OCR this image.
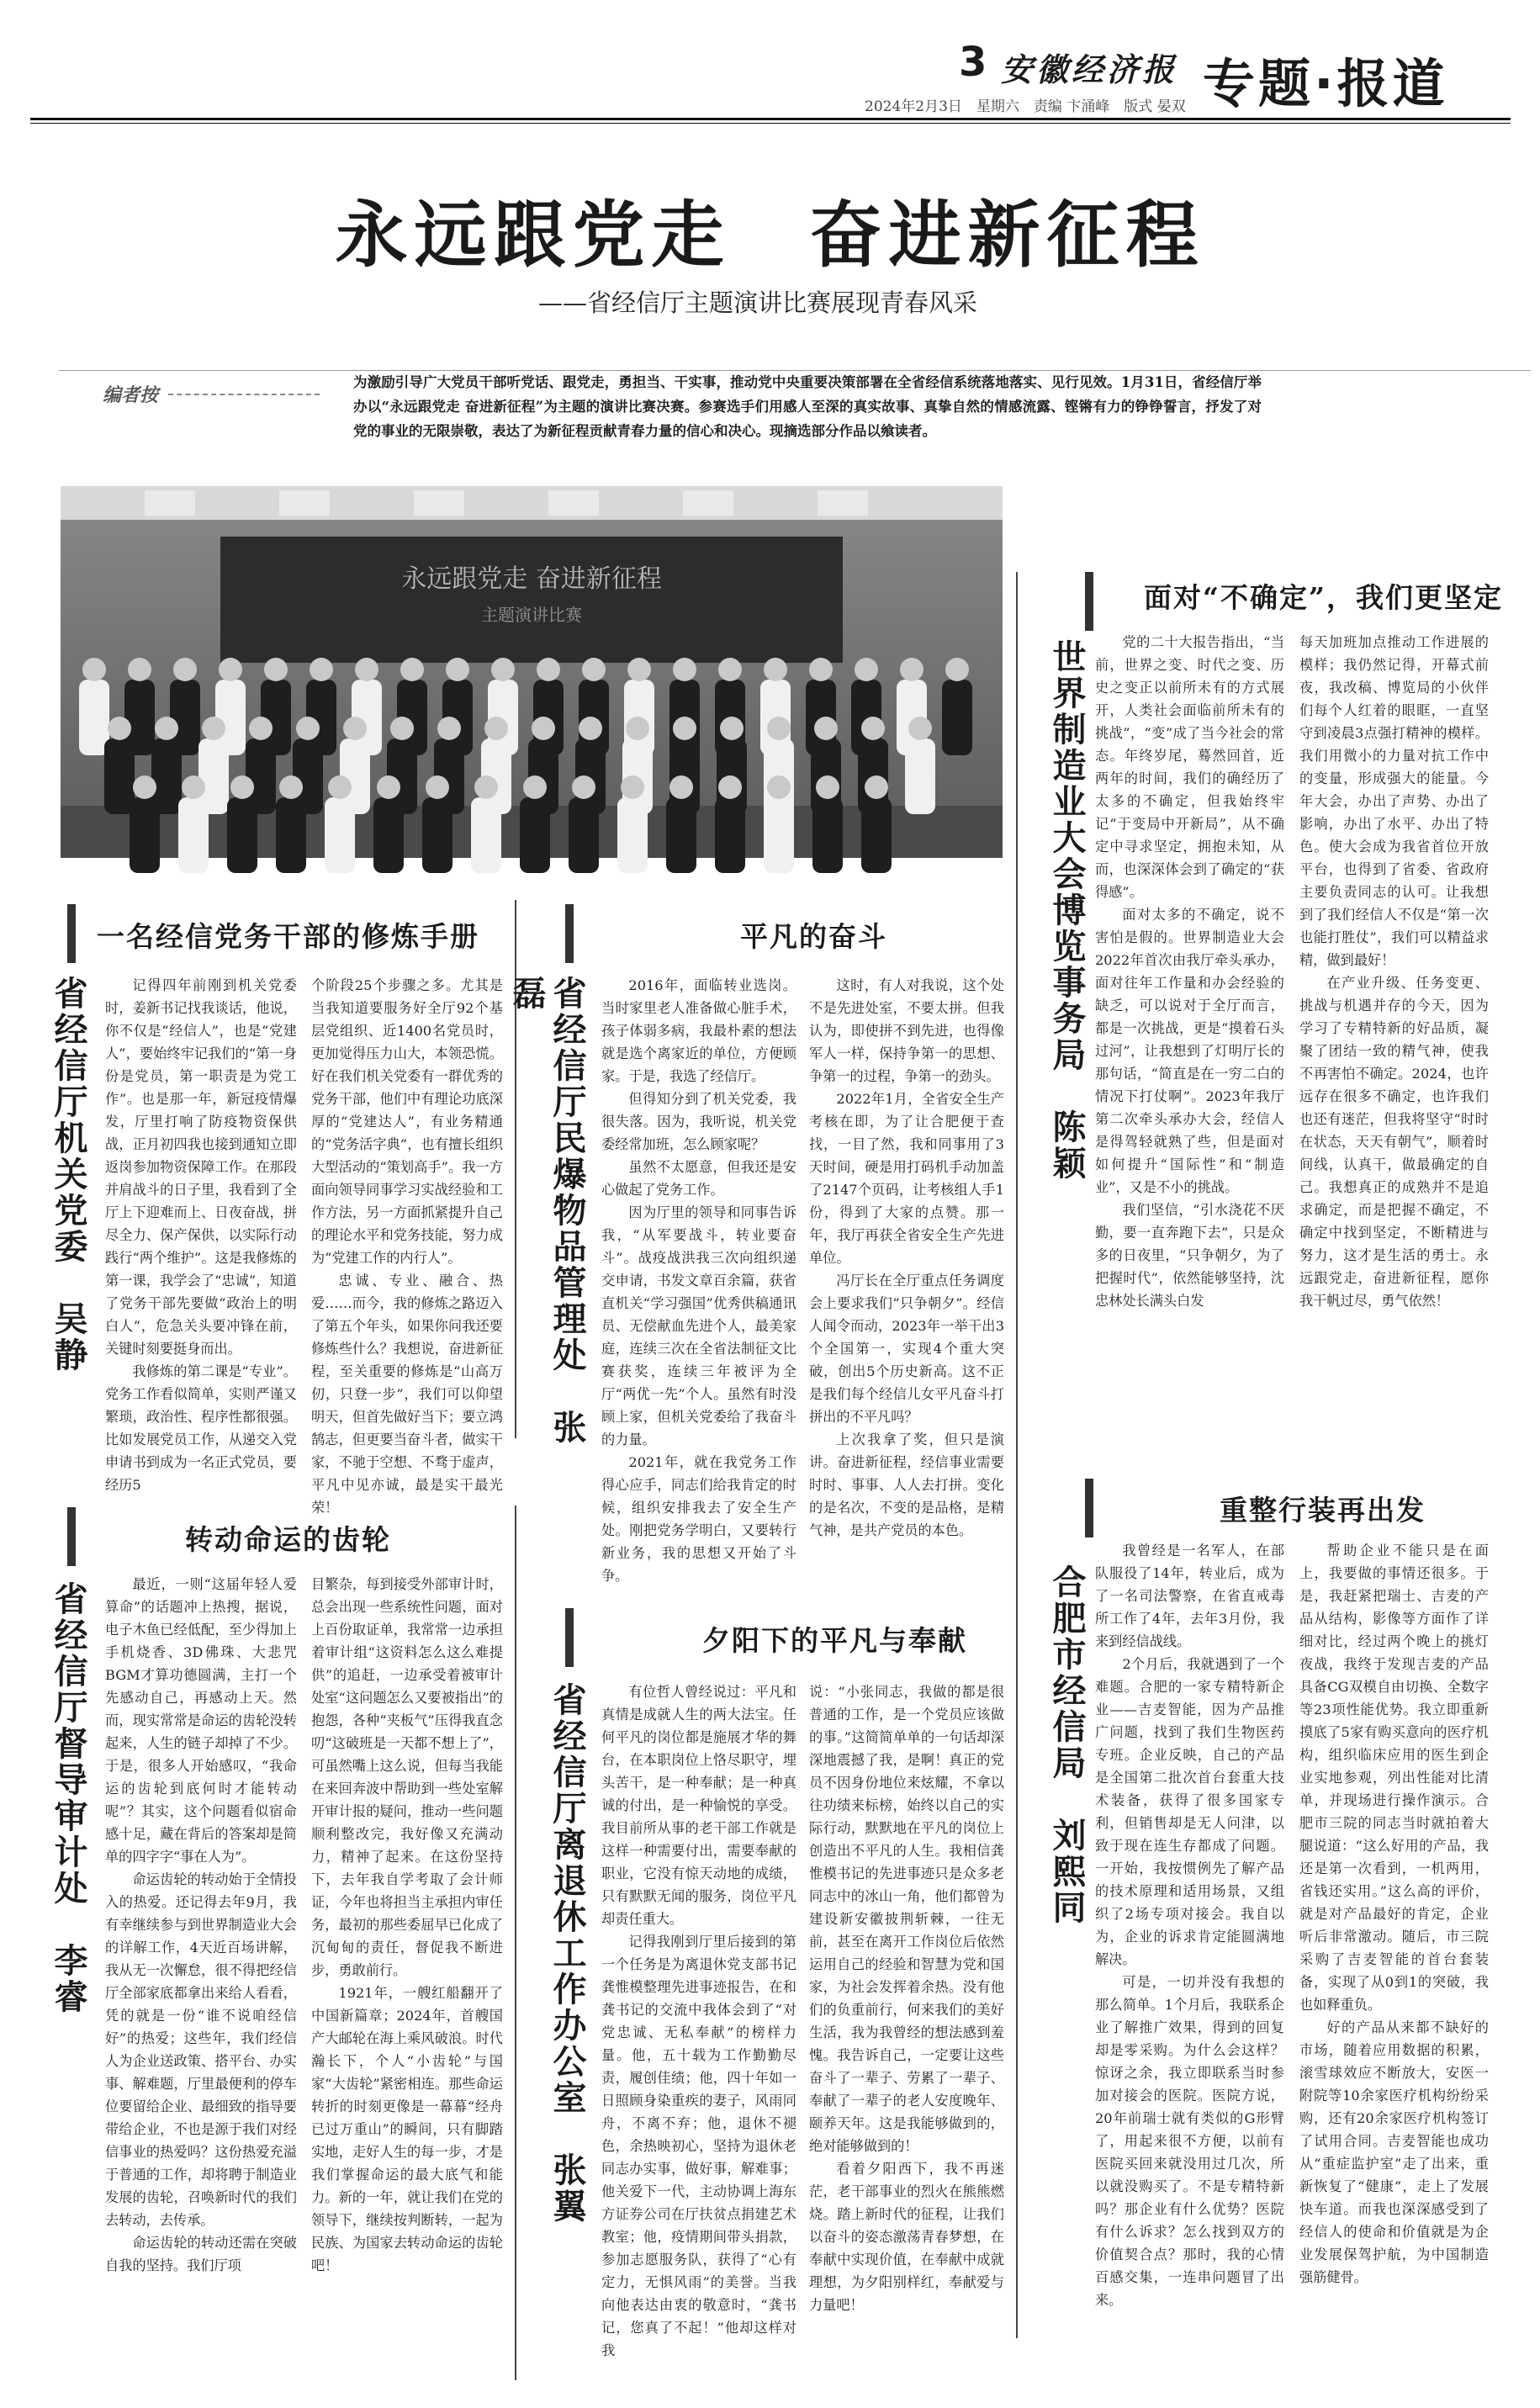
3 安徽经济报
2024年2月3日　星期六　责编 卞涌峰　版式 晏双 专题·报道
永远跟党走　奋进新征程
——省经信厅主题演讲比赛展现青春风采
编者按
为激励引导广大党员干部听党话、跟党走，勇担当、干实事，推动党中央重要决策部署在全省经信系统落地落实、见行见效。1月31日，省经信厅举办以“永远跟党走 奋进新征程”为主题的演讲比赛决赛。参赛选手们用感人至深的真实故事、真挚自然的情感流露、铿锵有力的铮铮誓言，抒发了对党的事业的无限崇敬，表达了为新征程贡献青春力量的信心和决心。现摘选部分作品以飨读者。
永远跟党走 奋进新征程
主题演讲比赛
一名经信党务干部的修炼手册
省经信厅机关党委　吴静	记得四年前刚到机关党委时，姜新书记找我谈话，他说，你不仅是“经信人”，也是“党建人”，要始终牢记我们的“第一身份是党员，第一职责是为党工作”。也是那一年，新冠疫情爆发，厅里打响了防疫物资保供战，正月初四我也接到通知立即返岗参加物资保障工作。在那段并肩战斗的日子里，我看到了全厅上下迎难而上、日夜奋战，拼尽全力、保产保供，以实际行动践行“两个维护”。这是我修炼的第一课，我学会了“忠诚”，知道了党务干部先要做“政治上的明白人”，危急关头要冲锋在前，关键时刻要挺身而出。

我修炼的第二课是“专业”。党务工作看似简单，实则严谨又繁琐，政治性、程序性都很强。比如发展党员工作，从递交入党申请书到成为一名正式党员，要经历5

个阶段25个步骤之多。尤其是当我知道要服务好全厅92个基层党组织、近1400名党员时，更加觉得压力山大，本领恐慌。好在我们机关党委有一群优秀的党务干部，他们中有理论功底深厚的“党建达人”，有业务精通的“党务活字典”，也有擅长组织大型活动的“策划高手”。我一方面向领导同事学习实战经验和工作方法，另一方面抓紧提升自己的理论水平和党务技能，努力成为“党建工作的内行人”。

忠诚、专业、融合、热爱……而今，我的修炼之路迈入了第五个年头，如果你问我还要修炼些什么？我想说，奋进新征程，至关重要的修炼是“山高万仞，只登一步”，我们可以仰望明天，但首先做好当下；要立鸿鹄志，但更要当奋斗者，做实干家，不驰于空想、不骛于虚声，平凡中见亦诚，最是实干最光荣！

平凡的奋斗
省经信厅民爆物品管理处　张磊	2016年，面临转业选岗。当时家里老人准备做心脏手术，孩子体弱多病，我最朴素的想法就是选个离家近的单位，方便顾家。于是，我选了经信厅。

但得知分到了机关党委，我很失落。因为，我听说，机关党委经常加班，怎么顾家呢？

虽然不太愿意，但我还是安心做起了党务工作。

因为厅里的领导和同事告诉我，“从军要战斗，转业要奋斗”。战疫战洪我三次向组织递交申请，书发文章百余篇，获省直机关“学习强国”优秀供稿通讯员、无偿献血先进个人，最美家庭，连续三次在全省法制征文比赛获奖，连续三年被评为全厅“两优一先”个人。虽然有时没顾上家，但机关党委给了我奋斗的力量。

2021年，就在我党务工作得心应手，同志们给我肯定的时候，组织安排我去了安全生产处。刚把党务学明白，又要转行新业务，我的思想又开始了斗争。

这时，有人对我说，这个处不是先进处室，不要太拼。但我认为，即使拼不到先进，也得像军人一样，保持争第一的思想、争第一的过程，争第一的劲头。

2022年1月，全省安全生产考核在即，为了让合肥便于查找，一目了然，我和同事用了3天时间，硬是用打码机手动加盖了2147个页码，让考核组人手1份，得到了大家的点赞。那一年，我厅再获全省安全生产先进单位。

冯厅长在全厅重点任务调度会上要求我们“只争朝夕”。经信人闻令而动，2023年一举干出3个全国第一，实现4个重大突破，创出5个历史新高。这不正是我们每个经信儿女平凡奋斗打拼出的不平凡吗？

上次我拿了奖，但只是演讲。奋进新征程，经信事业需要时时、事事、人人去打拼。变化的是名次，不变的是品格，是精气神，是共产党员的本色。

面对“不确定”，我们更坚定
世界制造业大会博览事务局　陈颖	党的二十大报告指出，“当前，世界之变、时代之变、历史之变正以前所未有的方式展开，人类社会面临前所未有的挑战”，“变”成了当今社会的常态。年终岁尾，蓦然回首，近两年的时间，我们的确经历了太多的不确定，但我始终牢记“于变局中开新局”，从不确定中寻求坚定，拥抱未知，从而，也深深体会到了确定的“获得感”。

面对太多的不确定，说不害怕是假的。世界制造业大会2022年首次由我厅牵头承办，面对往年工作量和办会经验的缺乏，可以说对于全厅而言，都是一次挑战，更是“摸着石头过河”，让我想到了灯明厅长的那句话，“简直是在一穷二白的情况下打仗啊”。2023年我厅第二次牵头承办大会，经信人是得驾轻就熟了些，但是面对如何提升“国际性”和“制造业”，又是不小的挑战。

我们坚信，“引水浇花不厌勤，要一直奔跑下去”，只是众多的日夜里，“只争朝夕，为了把握时代”，依然能够坚持，沈忠林处长满头白发

每天加班加点推动工作进展的模样；我仍然记得，开幕式前夜，我改稿、博览局的小伙伴们每个人红着的眼眶，一直坚守到凌晨3点强打精神的模样。我们用微小的力量对抗工作中的变量，形成强大的能量。今年大会，办出了声势、办出了影响，办出了水平、办出了特色。使大会成为我省首位开放平台，也得到了省委、省政府主要负责同志的认可。让我想到了我们经信人不仅是“第一次也能打胜仗”，我们可以精益求精，做到最好！

在产业升级、任务变更、挑战与机遇并存的今天，因为学习了专精特新的好品质，凝聚了团结一致的精气神，使我不再害怕不确定。2024，也许远存在很多不确定，也许我们也还有迷茫，但我将坚守“时时在状态，天天有朝气”，顺着时间线，认真干，做最确定的自己。我想真正的成熟并不是追求确定，而是把握不确定，不确定中找到坚定，不断精进与努力，这才是生活的勇士。永远跟党走，奋进新征程，愿你我干帆过尽，勇气依然！

转动命运的齿轮
省经信厅督导审计处　李睿	最近，一则“这届年轻人爱算命”的话题冲上热搜，据说，电子木鱼已经低配，至少得加上手机烧香、3D佛珠、大悲咒BGM才算功德圆满，主打一个先感动自己，再感动上天。然而，现实常常是命运的齿轮没转起来，人生的链子却掉了不少。于是，很多人开始感叹，“我命运的齿轮到底何时才能转动呢”？其实，这个问题看似宿命感十足，藏在背后的答案却是简单的四字字“事在人为”。

命运齿轮的转动始于全情投入的热爱。还记得去年9月，我有幸继续参与到世界制造业大会的详解工作，4天近百场讲解，我从无一次懈怠，很不得把经信厅全部家底都拿出来给人看看，凭的就是一份“谁不说咱经信好”的热爱；这些年，我们经信人为企业送政策、搭平台、办实事、解难题，厅里最便利的停车位要留给企业、最细致的指导要带给企业，不也是源于我们对经信事业的热爱吗？这份热爱充溢于普通的工作，却将聘于制造业发展的齿轮，召唤新时代的我们去转动，去传承。

命运齿轮的转动还需在突破自我的坚持。我们厅项

目繁杂，每到接受外部审计时，总会出现一些系统性问题，面对上百份取证单，我常常一边承担着审计组“这资料怎么这么难提供”的追赶，一边承受着被审计处室“这问题怎么又要被指出”的抱怨，各种“夹板气”压得我直念叨“这破班是一天都不想上了”，可虽然嘴上这么说，但每当我能在来回奔波中帮助到一些处室解开审计报的疑问，推动一些问题顺利整改完，我好像又充满动力，精神了起来。在这份坚持下，去年我自学考取了会计师证，今年也将担当主承担内审任务，最初的那些委屈早已化成了沉甸甸的责任，督促我不断进步，勇敢前行。

1921年，一艘红船翻开了中国新篇章；2024年，首艘国产大邮轮在海上乘风破浪。时代瀚长下，个人“小齿轮”与国家“大齿轮”紧密相连。那些命运转折的时刻更像是一幕幕“经舟已过万重山”的瞬间，只有脚踏实地，走好人生的每一步，才是我们掌握命运的最大底气和能力。新的一年，就让我们在党的领导下，继续按判断转，一起为民族、为国家去转动命运的齿轮吧！

夕阳下的平凡与奉献
省经信厅离退休工作办公室　张翼	有位哲人曾经说过：平凡和真情是成就人生的两大法宝。任何平凡的岗位都是施展才华的舞台，在本职岗位上恪尽职守，埋头苦干，是一种奉献；是一种真诚的付出，是一种愉悦的享受。我目前所从事的老干部工作就是这样一种需要付出，需要奉献的职业，它没有惊天动地的成绩，只有默默无闻的服务，岗位平凡却责任重大。

记得我刚到厅里后接到的第一个任务是为离退休党支部书记龚惟模整理先进事迹报告，在和龚书记的交流中我体会到了“对党忠诚、无私奉献”的榜样力量。他，五十载为工作勤勤尽责，履创佳绩；他，四十年如一日照顾身染重疾的妻子，风雨同舟，不离不弃；他，退休不褪色，余热映初心，坚持为退休老同志办实事，做好事，解难事；他关爱下一代，主动协调上海东方证券公司在厅扶贫点捐建艺术教室；他，疫情期间带头捐款，参加志愿服务队，获得了“心有定力，无惧风雨”的美誉。当我向他表达由衷的敬意时，“龚书记，您真了不起！”他却这样对我

说：“小张同志，我做的都是很普通的工作，是一个党员应该做的事。”这简简单单的一句话却深深地震撼了我，是啊！真正的党员不因身份地位来炫耀，不拿以往功绩来标榜，始终以自己的实际行动，默默地在平凡的岗位上创造出不平凡的人生。我相信龚惟模书记的先进事迹只是众多老同志中的冰山一角，他们都曾为建设新安徽披荆斩棘，一往无前，甚至在离开工作岗位后依然运用自己的经验和智慧为党和国家，为社会发挥着余热。没有他们的负重前行，何来我们的美好生活，我为我曾经的想法感到羞愧。我告诉自己，一定要让这些奋斗了一辈子、劳累了一辈子、奉献了一辈子的老人安度晚年、颐养天年。这是我能够做到的，绝对能够做到的！

看着夕阳西下，我不再迷茫，老干部事业的烈火在熊熊燃烧。踏上新时代的征程，让我们以奋斗的姿态激荡青春梦想，在奉献中实现价值，在奉献中成就理想，为夕阳别样红，奉献爱与力量吧！

重整行装再出发
合肥市经信局　刘熙同

我曾经是一名军人，在部队服役了14年，转业后，成为了一名司法警察，在省直戒毒所工作了4年，去年3月份，我来到经信战线。

2个月后，我就遇到了一个难题。合肥的一家专精特新企业——吉麦智能，因为产品推广问题，找到了我们生物医药专班。企业反映，自己的产品是全国第二批次首台套重大技术装备，获得了很多国家专利，但销售却是无人问津，以致于现在连生存都成了问题。一开始，我按惯例先了解产品的技术原理和适用场景，又组织了2场专项对接会。我自以为，企业的诉求肯定能圆满地解决。

可是，一切并没有我想的那么简单。1个月后，我联系企业了解推广效果，得到的回复却是零采购。为什么会这样？惊讶之余，我立即联系当时参加对接会的医院。医院方说，20年前瑞士就有类似的G形臂了，用起来很不方便，以前有医院买回来就没用过几次，所以就没购买了。不是专精特新吗？那企业有什么优势？医院有什么诉求？怎么找到双方的价值契合点？那时，我的心情百感交集，一连串问题冒了出来。

帮助企业不能只是在面上，我要做的事情还很多。于是，我赶紧把瑞士、吉麦的产品从结构，影像等方面作了详细对比，经过两个晚上的挑灯夜战，我终于发现吉麦的产品具备CG双模自由切换、全数字等23项性能优势。我立即重新摸底了5家有购买意向的医疗机构，组织临床应用的医生到企业实地参观，列出性能对比清单，并现场进行操作演示。合肥市三院的同志当时就拍着大腿说道：“这么好用的产品，我还是第一次看到，一机两用，省钱还实用。”这么高的评价，就是对产品最好的肯定，企业听后非常激动。随后，市三院采购了吉麦智能的首台套装备，实现了从0到1的突破，我也如释重负。

好的产品从来都不缺好的市场，随着应用数据的积累，滚雪球效应不断放大，安医一附院等10余家医疗机构纷纷采购，还有20余家医疗机构签订了试用合同。吉麦智能也成功从“重症监护室”走了出来，重新恢复了“健康”，走上了发展快车道。而我也深深感受到了经信人的使命和价值就是为企业发展保驾护航，为中国制造强筋健骨。
